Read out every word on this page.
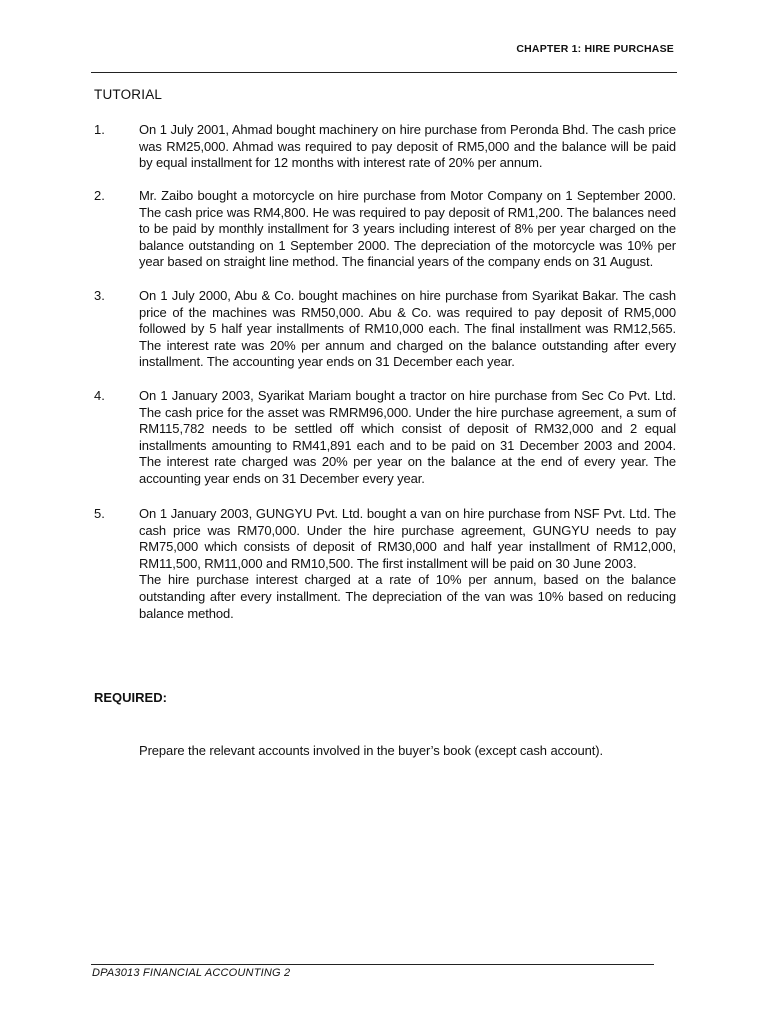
CHAPTER 1: HIRE PURCHASE
TUTORIAL
1.	On 1 July 2001, Ahmad bought machinery on hire purchase from Peronda Bhd. The cash price was RM25,000. Ahmad was required to pay deposit of RM5,000 and the balance will be paid by equal installment for 12 months with interest rate of 20% per annum.

2.	Mr. Zaibo bought a motorcycle on hire purchase from Motor Company on 1 September 2000. The cash price was RM4,800. He was required to pay deposit of RM1,200. The balances need to be paid by monthly installment for 3 years including interest of 8% per year charged on the balance outstanding on 1 September 2000. The depreciation of the motorcycle was 10% per year based on straight line method. The financial years of the company ends on 31 August.

3.	On 1 July 2000, Abu & Co. bought machines on hire purchase from Syarikat Bakar. The cash price of the machines was RM50,000. Abu & Co. was required to pay deposit of RM5,000 followed by 5 half year installments of RM10,000 each. The final installment was RM12,565. The interest rate was 20% per annum and charged on the balance outstanding after every installment. The accounting year ends on 31 December each year.

4.	On 1 January 2003, Syarikat Mariam bought a tractor on hire purchase from Sec Co Pvt. Ltd. The cash price for the asset was RMRM96,000. Under the hire purchase agreement, a sum of RM115,782 needs to be settled off which consist of deposit of RM32,000 and 2 equal installments amounting to RM41,891 each and to be paid on 31 December 2003 and 2004. The interest rate charged was 20% per year on the balance at the end of every year. The accounting year ends on 31 December every year.

5.	On 1 January 2003, GUNGYU Pvt. Ltd. bought a van on hire purchase from NSF Pvt. Ltd. The cash price was RM70,000. Under the hire purchase agreement, GUNGYU needs to pay RM75,000 which consists of deposit of RM30,000 and half year installment of RM12,000, RM11,500, RM11,000 and RM10,500. The first installment will be paid on 30 June 2003.

The hire purchase interest charged at a rate of 10% per annum, based on the balance outstanding after every installment. The depreciation of the van was 10% based on reducing balance method.

REQUIRED:
Prepare the relevant accounts involved in the buyer’s book (except cash account).
DPA3013 FINANCIAL ACCOUNTING 2
